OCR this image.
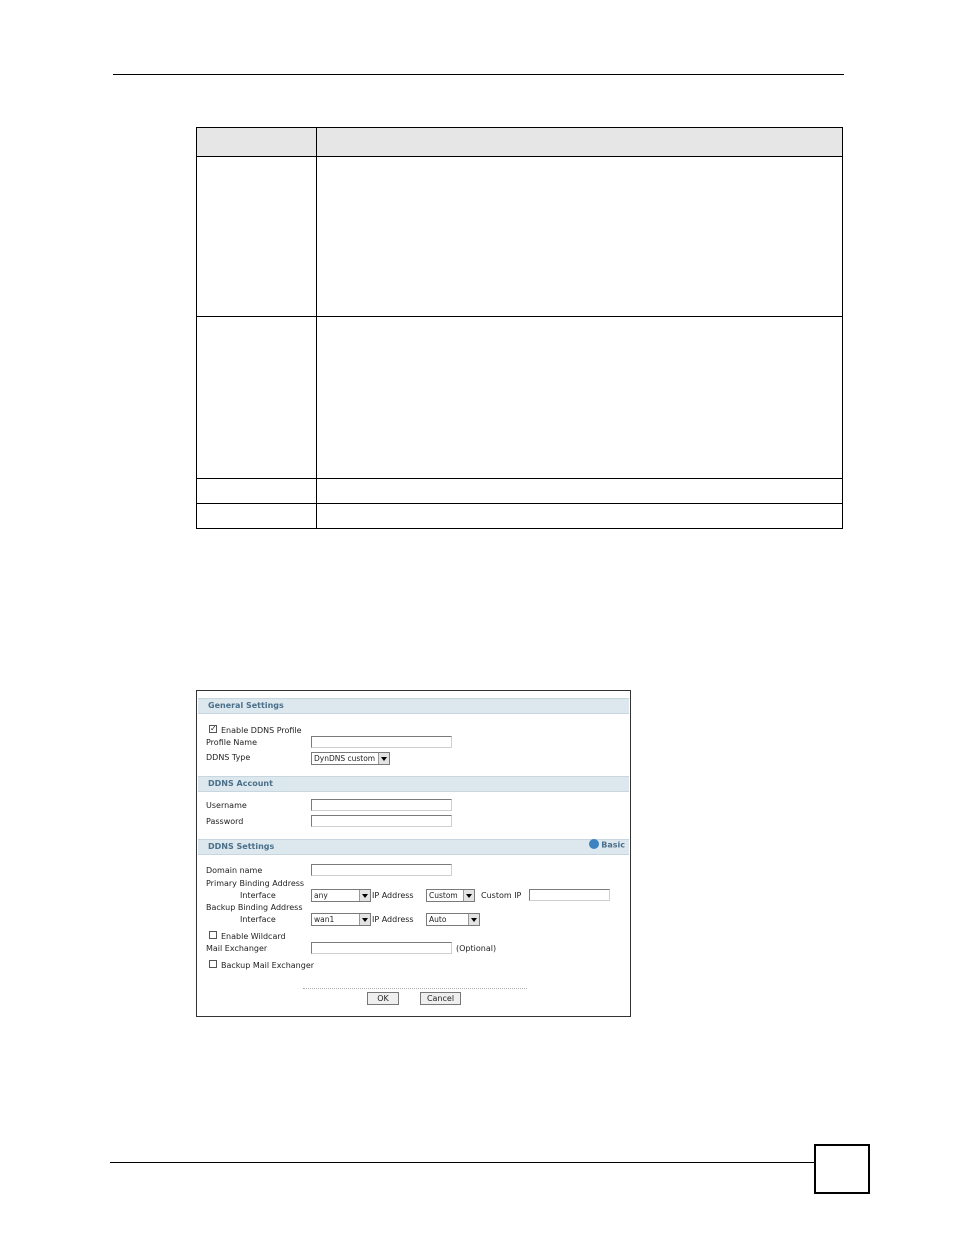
General Settings
✓ Enable DDNS Profile
Profile Name
DDNS Type	DynDNS custom
DDNS Account
Username
Password
DDNS Settings	Basic
Domain name
Primary Binding Address
Interface	any	IP Address Custom	Custom IP
Backup Binding Address
Interface	wan1	IP Address Auto
Enable Wildcard
Mail Exchanger	(Optional)
Backup Mail Exchanger
OK	Cancel
